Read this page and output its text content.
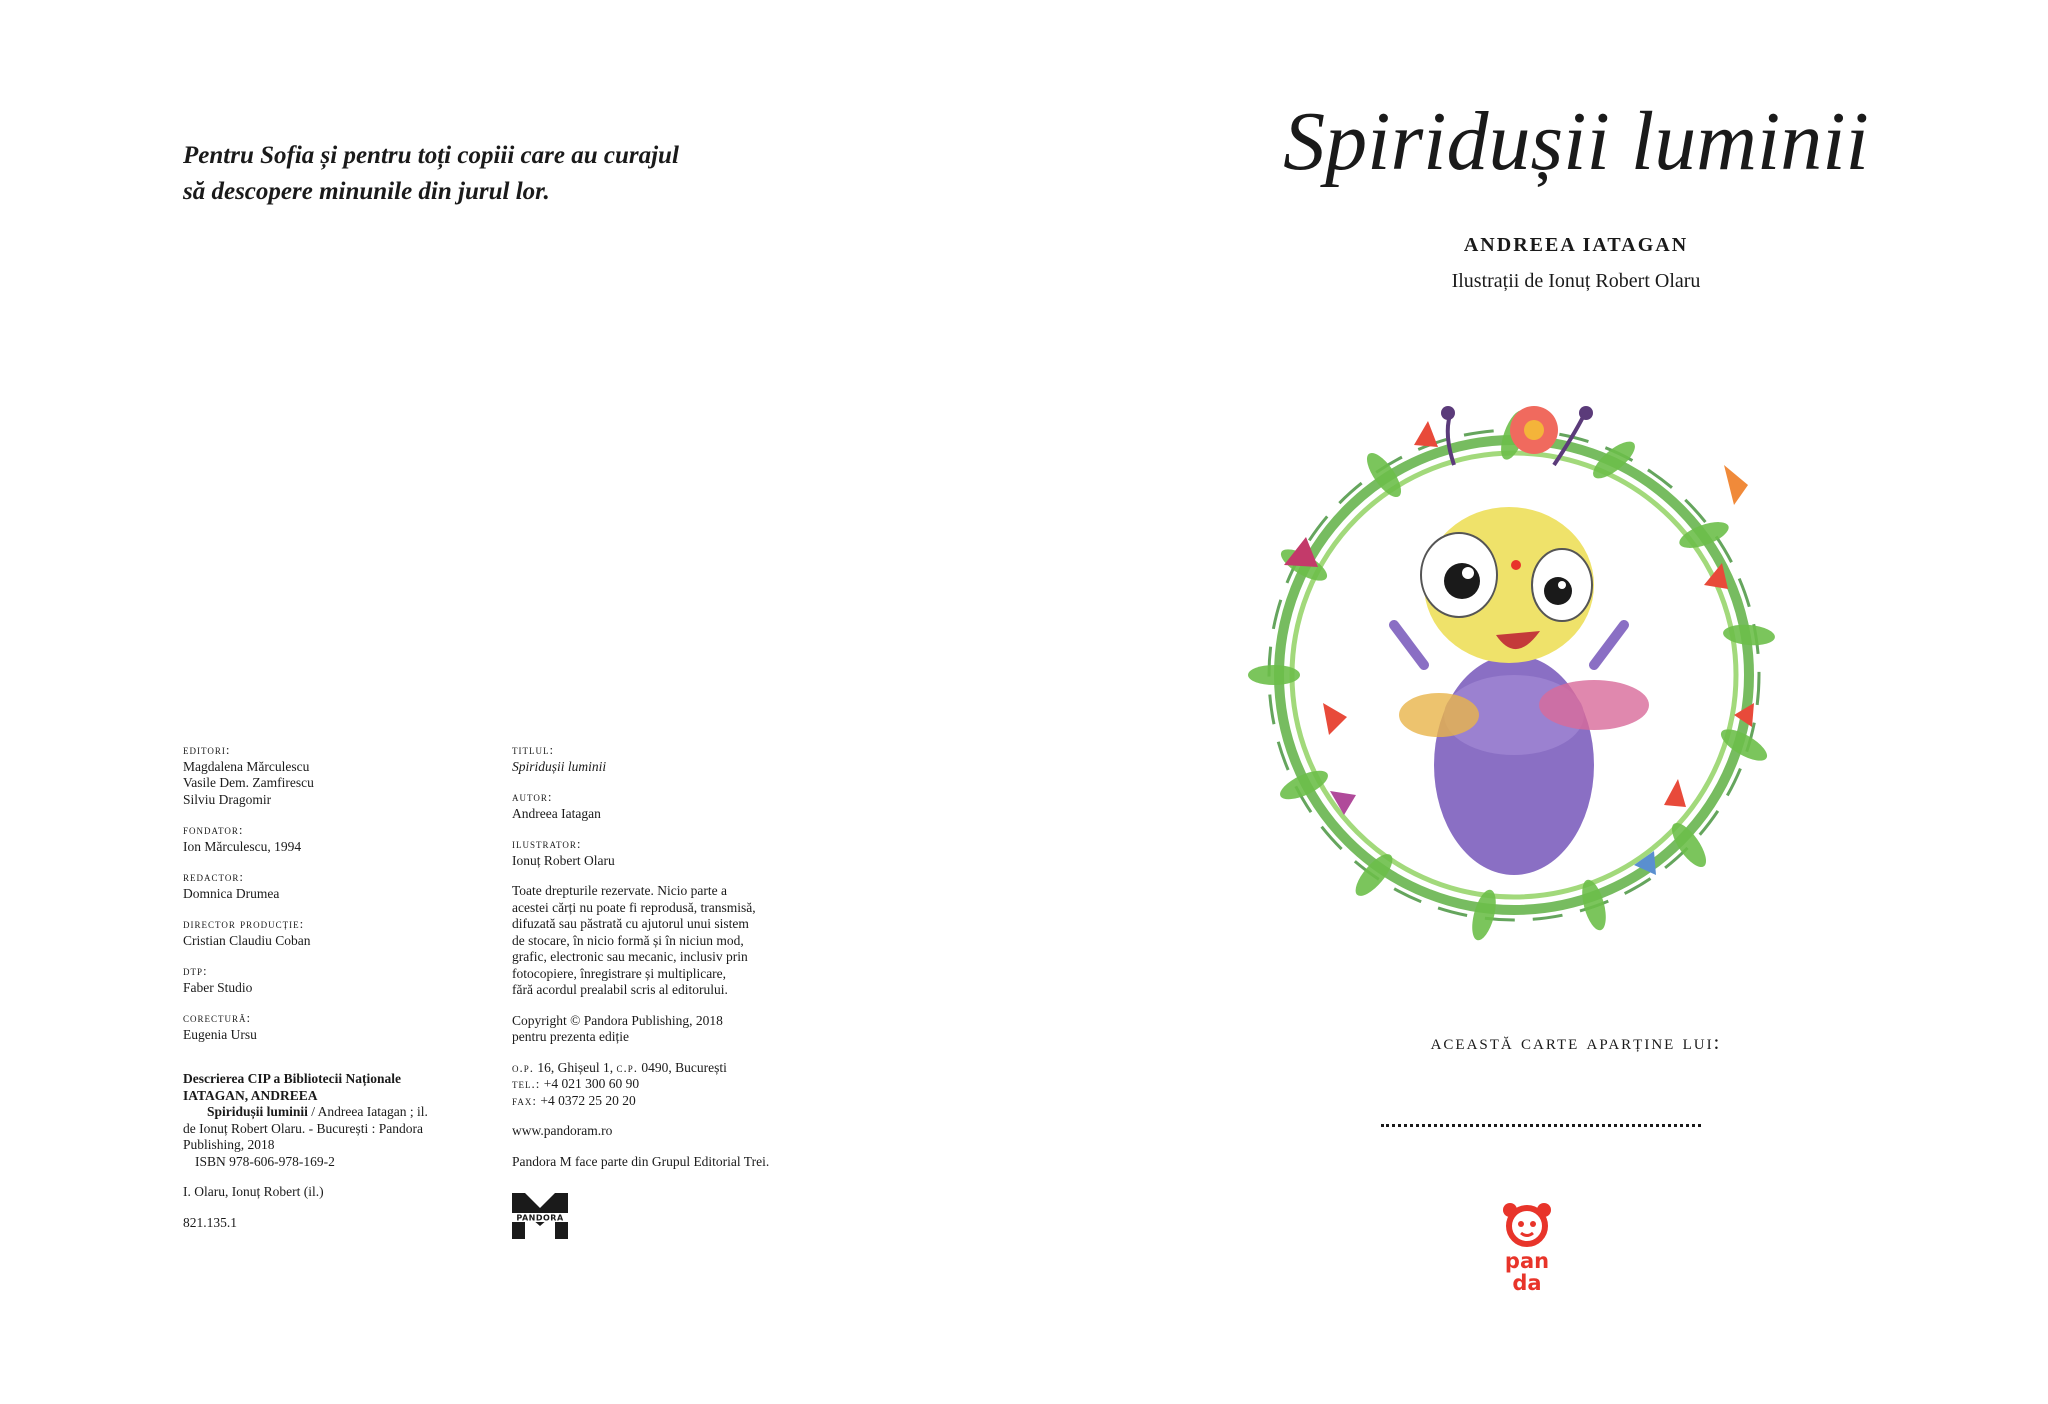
Pentru Sofia și pentru toți copiii care au curajul
să descopere minunile din jurul lor.
editori:
Magdalena Mărculescu
Vasile Dem. Zamfirescu
Silviu Dragomir
fondator:
Ion Mărculescu, 1994
redactor:
Domnica Drumea
director producție:
Cristian Claudiu Coban
dtp:
Faber Studio
corectură:
Eugenia Ursu
Descrierea CIP a Bibliotecii Naționale
IATAGAN, ANDREEA
Spiridușii luminii / Andreea Iatagan ; il.
de Ionuț Robert Olaru. - București : Pandora
Publishing, 2018
ISBN 978-606-978-169-2
I. Olaru, Ionuț Robert (il.)
821.135.1
titlul:
Spiridușii luminii
autor:
Andreea Iatagan
ilustrator:
Ionuț Robert Olaru
Toate drepturile rezervate. Nicio parte a
acestei cărți nu poate fi reprodusă, transmisă,
difuzată sau păstrată cu ajutorul unui sistem
de stocare, în nicio formă și în niciun mod,
grafic, electronic sau mecanic, inclusiv prin
fotocopiere, înregistrare și multiplicare,
fără acordul prealabil scris al editorului.
Copyright © Pandora Publishing, 2018
pentru prezenta ediție
o.p. 16, Ghișeul 1, c.p. 0490, București
tel.: +4 021 300 60 90
fax: +4 0372 25 20 20
www.pandoram.ro
Pandora M face parte din Grupul Editorial Trei.
PANDORA
Spiridușii luminii
ANDREEA IATAGAN
Ilustrații de Ionuț Robert Olaru
această carte aparține lui:
pan
da
